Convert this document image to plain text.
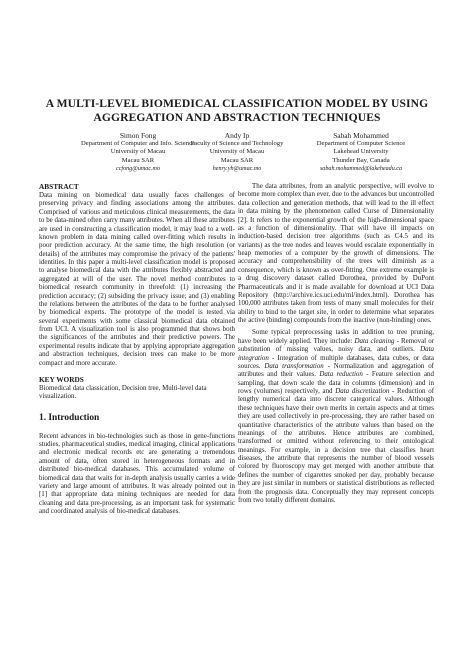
A MULTI-LEVEL BIOMEDICAL CLASSIFICATION MODEL BY USING
AGGREGATION AND ABSTRACTION TECHNIQUES
Simon Fong
Department of Computer and Info. Science
University of Macau
Macau SAR
ccfong@umac.mo
Andy Ip
Faculty of Science and Technology
University of Macau
Macau SAR
henry.yh@umac.mo
Sabah Mohammed
Department of Computer Science
Lakehead University
Thunder Bay, Canada
sabah.mohammed@lakeheadu.ca
ABSTRACT

Data mining on biomedical data usually faces challenges of preserving privacy and finding associations among the attributes. Comprised of various and meticulous clinical measurements, the data to be data-mined often carry many attributes. When all these attributes are used in constructing a classification model, it may lead to a well-known problem in data mining called over-fitting which results in poor prediction accuracy. At the same time, the high resolution (or details) of the attributes may compromise the privacy of the patients' identities. In this paper a multi-level classification model is proposed to analyse biomedical data with the attributes flexibly abstracted and aggregated at will of the user. The novel method contributes to biomedical research community in threefold: (1) increasing the prediction accuracy; (2) subsiding the privacy issue; and (3) enabling the relations between the attributes of the data to be further analysed by biomedical experts. The prototype of the model is tested via several experiments with some classical biomedical data obtained from UCI. A visualization tool is also programmed that shows both the significances of the attributes and their predictive powers. The experimental results indicate that by applying appropriate aggregation and abstraction techniques, decision trees can make to be more compact and more accurate.

KEY WORDS

Biomedical data classication, Decision tree, Multi-level data visualization.

1. Introduction

Recent advances in bio-technologies such as those in gene-functions studies, pharmaceutical studies, medical imaging, clinical applications and electronic medical records etc are generating a tremendous amount of data, often stored in heterogeneous formats and in distributed bio-medical databases. This accumulated volume of biomedical data that waits for in-depth analysis usually carries a wide variety and large amount of attributes. It was already pointed out in [1] that appropriate data mining techniques are needed for data cleaning and data pre-processing, as an important task for systematic and coordinated analysis of bio-medical databases.

The data attributes, from an analytic perspective, will evolve to become more complex than ever, due to the advances but uncontrolled data collection and generation methods, that will lead to the ill effect in data mining by the phenomenon called Curse of Dimensionality [2]. It refers to the exponential growth of the high-dimensional space as a function of dimensionality. That will have ill impacts on induction-based decision tree algorithms (such as C4.5 and its variants) as the tree nodes and leaves would escalate exponentially in heap memories of a computer by the growth of dimensions. The accuracy and comprehensibility of the trees will diminish as a consequence, which is known as over-fitting. One extreme example is a drug discovery dataset called Dorothea, provided by DuPont Pharmaceuticals and it is made available for download at UCI Data Repository (http://archive.ics.uci.edu/ml/index.html). Dorothea has 100,000 attributes taken from tests of many small molecules for their ability to bind to the target site, in order to determine what separates the active (binding) compounds from the inactive (non-binding) ones.

Some typical preprocessing tasks in addition to tree pruning, have been widely applied. They include: Data cleaning - Removal or substitution of missing values, noisy data, and outliers. Data integration - Integration of multiple databases, data cubes, or data sources. Data transformation - Normalization and aggregation of attributes and their values. Data reduction - Feature selection and sampling, that down scale the data in columns (dimension) and in rows (volumes) respectively, and Data discretization - Reduction of lengthy numerical data into discrete categorical values. Although these techniques have their own merits in certain aspects and at times they are used collectively in pre-processing, they are rather based on quantitative characteristics of the attribute values than based on the meanings of the attributes. Hence attributes are combined, transformed or omitted without referencing to their ontological meanings. For example, in a decision tree that classifies heart diseases, the attribute that represents the number of blood vessels colored by fluoroscopy may get merged with another attribute that defines the number of cigarettes smoked per day, probably because they are just similar in numbers or statistical distributions as reflected from the prognosis data. Conceptually they may represent concepts from two totally different domains.
